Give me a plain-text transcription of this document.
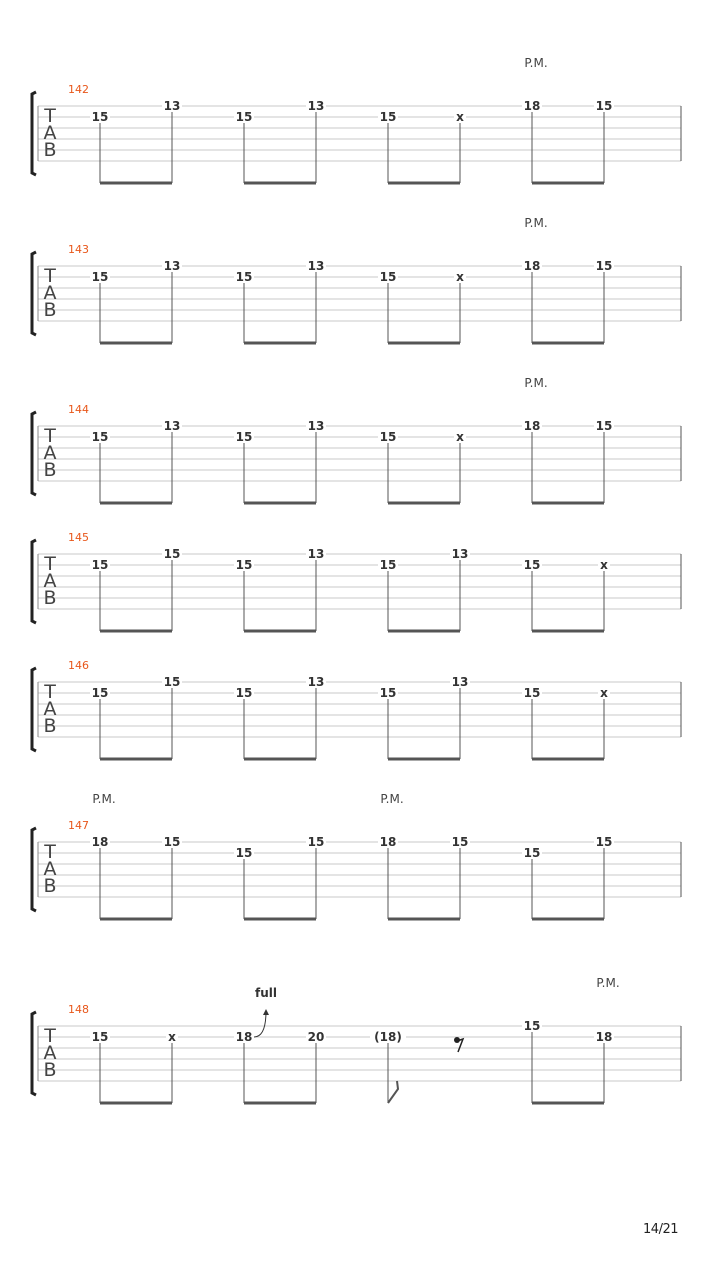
T
A
B
142
P.M.
15
13
15
13
15	x
18	15
T
A
B
143
P.M.
15
13
15
13
15	x
18	15
T
A
B
144
P.M.
15
13
15
13
15	x
18	15
T
A
B
145
15
15
15
13
15
13
15	x
T
A
B
146
15
15
15
13
15
13
15	x
T
A
B
147
P.M.	P.M.
18	15
15
15	18	15
15
15
T
A
B
148
P.M.
15	x	18	20	(18)
15
18
full
14/21
